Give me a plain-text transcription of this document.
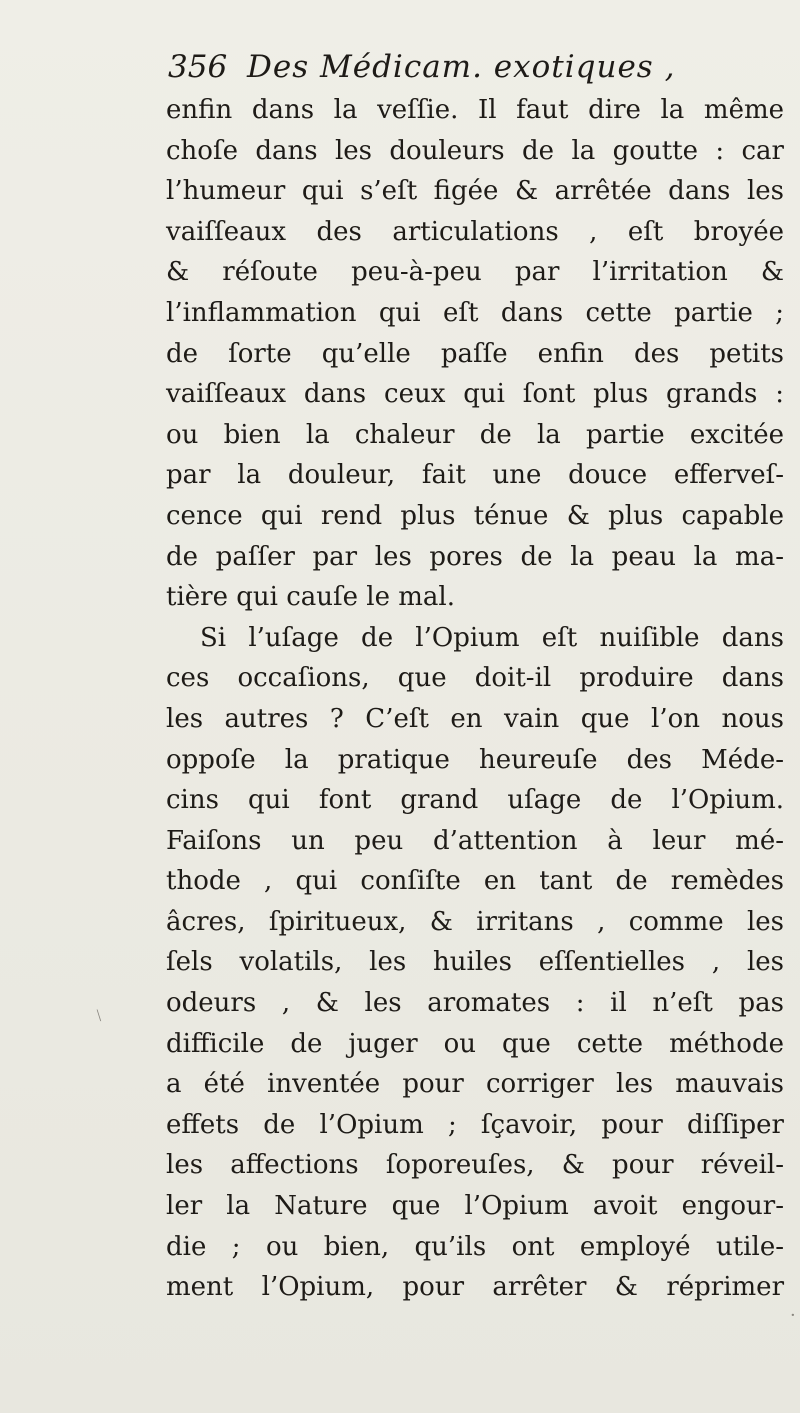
356 Des Médicam. exotiques ,
enfin dans la veſſie. Il faut dire la même
choſe dans les douleurs de la goutte : car
l’humeur qui s’eſt figée & arrêtée dans les
vaiſſeaux des articulations , eſt broyée
& réſoute peu-à-peu par l’irritation &
l’inflammation qui eſt dans cette partie ;
de ſorte qu’elle paſſe enfin des petits
vaiſſeaux dans ceux qui ſont plus grands :
ou bien la chaleur de la partie excitée
par la douleur, fait une douce efferveſ-
cence qui rend plus ténue & plus capable
de paſſer par les pores de la peau la ma-
tière qui cauſe le mal.
Si l’uſage de l’Opium eſt nuiſible dans
ces occaſions, que doit-il produire dans
les autres ? C’eſt en vain que l’on nous
oppoſe la pratique heureuſe des Méde-
cins qui font grand uſage de l’Opium.
Faiſons un peu d’attention à leur mé-
thode , qui conſiſte en tant de remèdes
âcres, ſpiritueux, & irritans , comme les
ſels volatils, les huiles eſſentielles , les
odeurs , & les aromates : il n’eſt pas
difficile de juger ou que cette méthode
a été inventée pour corriger les mauvais
effets de l’Opium ; ſçavoir, pour diſſiper
les affections ſoporeuſes, & pour réveil-
ler la Nature que l’Opium avoit engour-
die ; ou bien, qu’ils ont employé utile-
ment l’Opium, pour arrêter & réprimer
﹨
·
